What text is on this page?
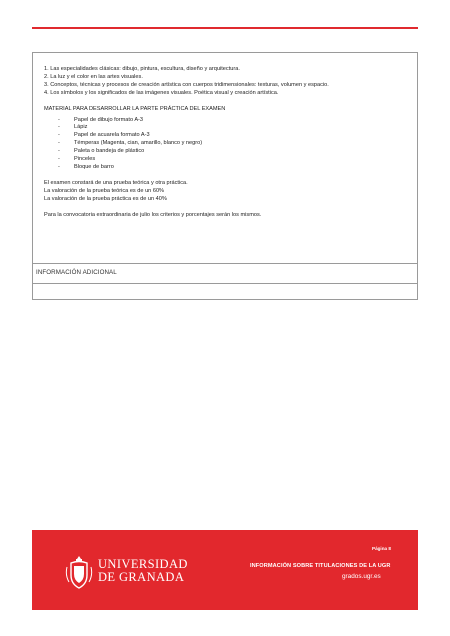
1. Las especialidades clásicas: dibujo, pintura, escultura, diseño y arquitectura.
2. La luz y el color en las artes visuales.
3. Conceptos, técnicas y procesos de creación artística con cuerpos tridimensionales: texturas, volumen y espacio.
4. Los símbolos y los significados de las imágenes visuales. Poética visual y creación artística.

MATERIAL PARA DESARROLLAR LA PARTE PRÁCTICA DEL EXAMEN

- Papel de dibujo formato A-3
- Lápiz
- Papel de acuarela formato A-3
- Témperas (Magenta, cian, amarillo, blanco y negro)
- Paleta o bandeja de plástico
- Pinceles
- Bloque de barro

El examen constará de una prueba teórica y otra práctica.

La valoración de la prueba teórica es de un 60%

La valoración de la prueba práctica es de un 40%

Para la convocatoria extraordinaria de julio los criterios y porcentajes serán los mismos.

INFORMACIÓN ADICIONAL
UNIVERSIDAD
DE GRANADA
Página 8
INFORMACIÓN SOBRE TITULACIONES DE LA UGR
grados.ugr.es
